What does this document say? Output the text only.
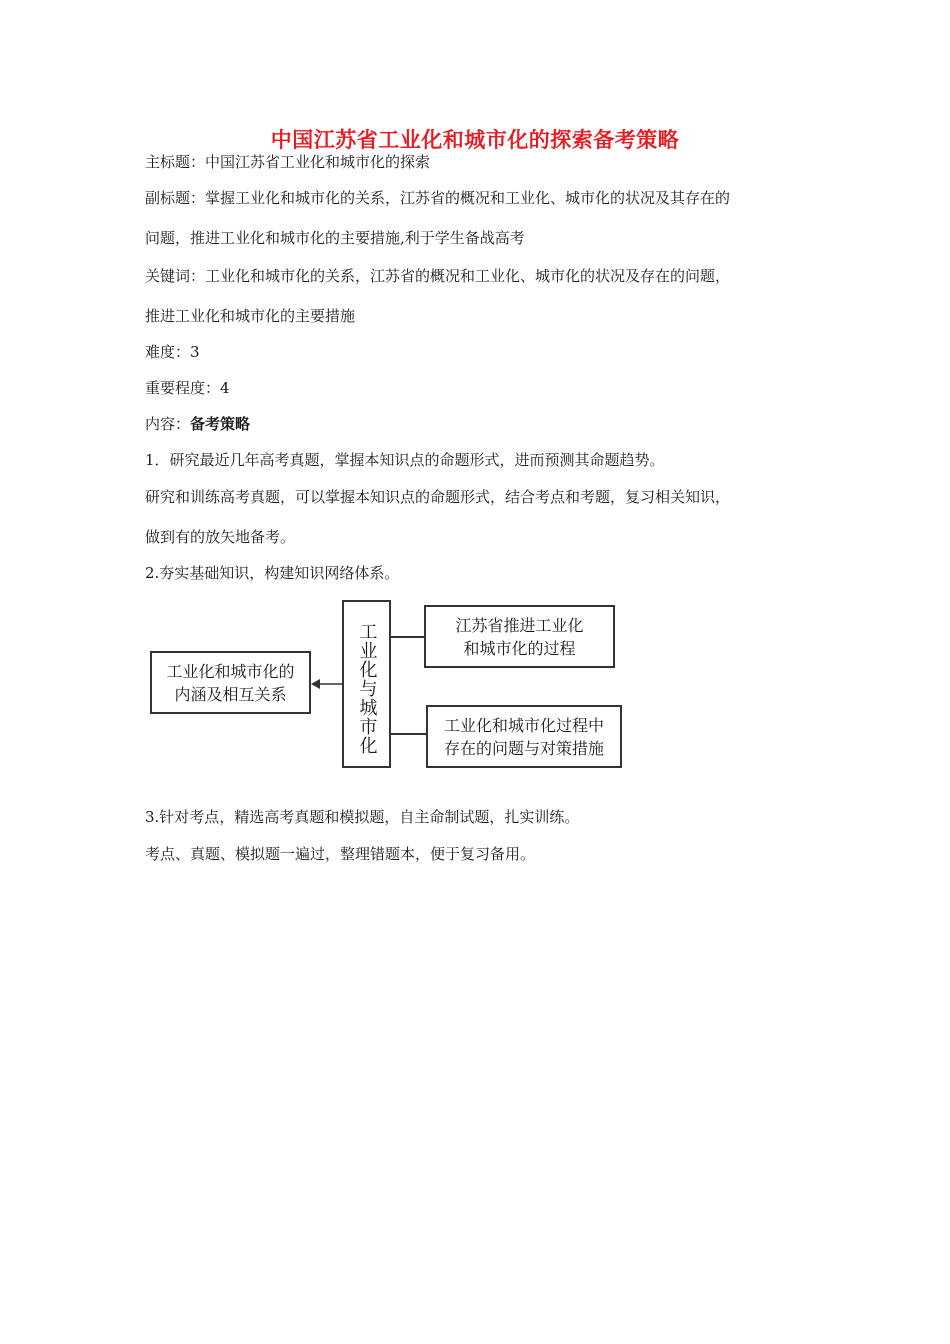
中国江苏省工业化和城市化的探索备考策略
主标题：中国江苏省工业化和城市化的探索
副标题：掌握工业化和城市化的关系，江苏省的概况和工业化、城市化的状况及其存在的
问题，推进工业化和城市化的主要措施,利于学生备战高考
关键词：工业化和城市化的关系，江苏省的概况和工业化、城市化的状况及存在的问题，
推进工业化和城市化的主要措施
难度：3
重要程度：4
内容：备考策略
1．研究最近几年高考真题，掌握本知识点的命题形式，进而预测其命题趋势。
研究和训练高考真题，可以掌握本知识点的命题形式，结合考点和考题，复习相关知识，
做到有的放矢地备考。
2.夯实基础知识，构建知识网络体系。
工业化和城市化的
内涵及相互关系	工业化与城市化	江苏省推进工业化
和城市化的过程
工业化和城市化过程中
存在的问题与对策措施
3.针对考点，精选高考真题和模拟题，自主命制试题，扎实训练。
考点、真题、模拟题一遍过，整理错题本，便于复习备用。
